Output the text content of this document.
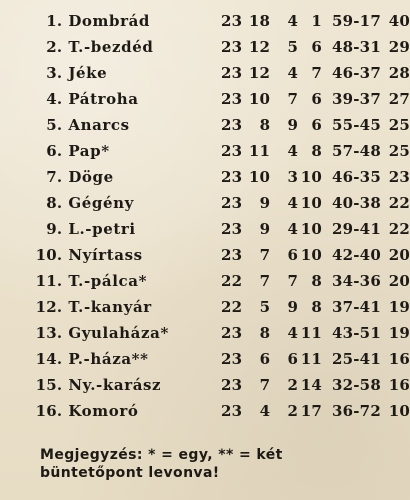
1.	Dombrád	23	18	4	1	59-17	40
2.	T.-bezdéd	23	12	5	6	48-31	29
3.	Jéke	23	12	4	7	46-37	28
4.	Pátroha	23	10	7	6	39-37	27
5.	Anarcs	23	8	9	6	55-45	25
6.	Pap*	23	11	4	8	57-48	25
7.	Döge	23	10	3	10	46-35	23
8.	Gégény	23	9	4	10	40-38	22
9.	L.-petri	23	9	4	10	29-41	22
10.	Nyírtass	23	7	6	10	42-40	20
11.	T.-pálca*	22	7	7	8	34-36	20
12.	T.-kanyár	22	5	9	8	37-41	19
13.	Gyulaháza*	23	8	4	11	43-51	19
14.	P.-háza**	23	6	6	11	25-41	16
15.	Ny.-karász	23	7	2	14	32-58	16
16.	Komoró	23	4	2	17	36-72	10
Megjegyzés: * = egy, ** = két
büntetőpont levonva!
